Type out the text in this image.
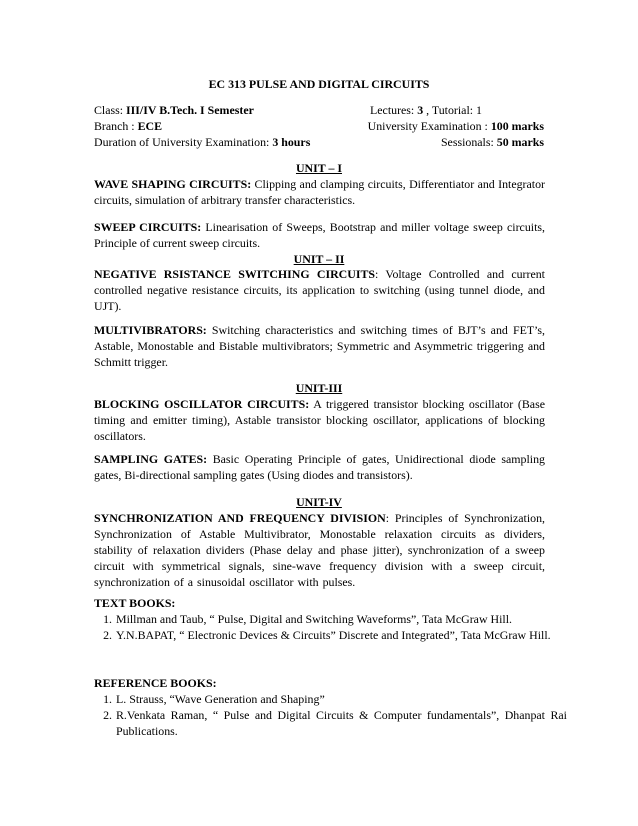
EC 313 PULSE AND DIGITAL CIRCUITS
Class: III/IV B.Tech. I Semester	Lectures: 3 , Tutorial: 1
Branch : ECE	University Examination : 100 marks
Duration of University Examination: 3 hours	Sessionals: 50 marks
UNIT – I
WAVE SHAPING CIRCUITS: Clipping and clamping circuits, Differentiator and Integrator circuits, simulation of arbitrary transfer characteristics.
SWEEP CIRCUITS: Linearisation of Sweeps, Bootstrap and miller voltage sweep circuits, Principle of current sweep circuits.
UNIT – II
NEGATIVE RSISTANCE SWITCHING CIRCUITS: Voltage Controlled and current controlled negative resistance circuits, its application to switching (using tunnel diode, and UJT).
MULTIVIBRATORS: Switching characteristics and switching times of BJT’s and FET’s, Astable, Monostable and Bistable multivibrators; Symmetric and Asymmetric triggering and Schmitt trigger.
UNIT-III
BLOCKING OSCILLATOR CIRCUITS: A triggered transistor blocking oscillator (Base timing and emitter timing), Astable transistor blocking oscillator, applications of blocking oscillators.
SAMPLING GATES: Basic Operating Principle of gates, Unidirectional diode sampling gates, Bi-directional sampling gates (Using diodes and transistors).
UNIT-IV
SYNCHRONIZATION AND FREQUENCY DIVISION: Principles of Synchronization, Synchronization of Astable Multivibrator, Monostable relaxation circuits as dividers, stability of relaxation dividers (Phase delay and phase jitter), synchronization of a sweep circuit with symmetrical signals, sine-wave frequency division with a sweep circuit, synchronization of a sinusoidal oscillator with pulses.
TEXT BOOKS:
1. Millman and Taub, “ Pulse, Digital and Switching Waveforms”, Tata McGraw Hill.
2. Y.N.BAPAT, “ Electronic Devices & Circuits” Discrete and Integrated”, Tata McGraw Hill.
REFERENCE BOOKS:
1. L. Strauss, “Wave Generation and Shaping”
2. R.Venkata Raman, “ Pulse and Digital Circuits & Computer fundamentals”, Dhanpat Rai Publications.
